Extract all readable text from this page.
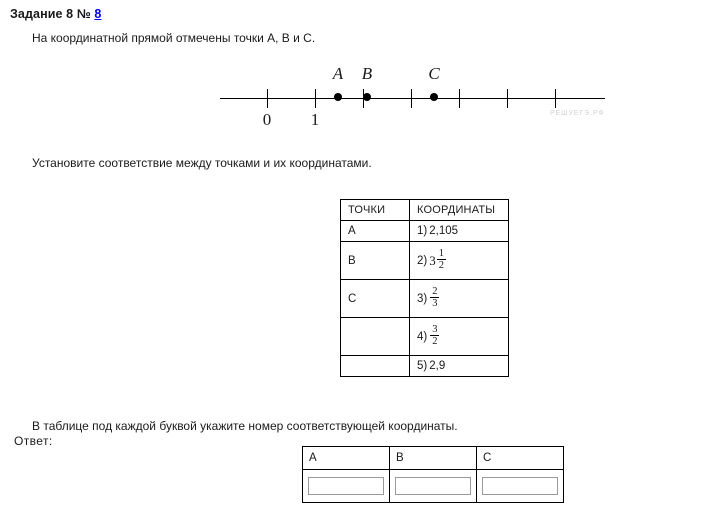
Задание 8 № 8
На координатной прямой отмечены точки A, B и C.
0 1
A B	C
РЕШУЕГЭ.РФ
Установите соответствие между точками и их координатами.
ТОЧКИ	КООРДИНАТЫ
A	1) 2,105
B	2) $3 \frac{1}{2}$

C	$3) \frac{2}{3}$

	$4) \frac{3}{2}$

	5) 2,9
В таблице под каждой буквой укажите номер соответствующей координаты.
Ответ:
A	B	C
